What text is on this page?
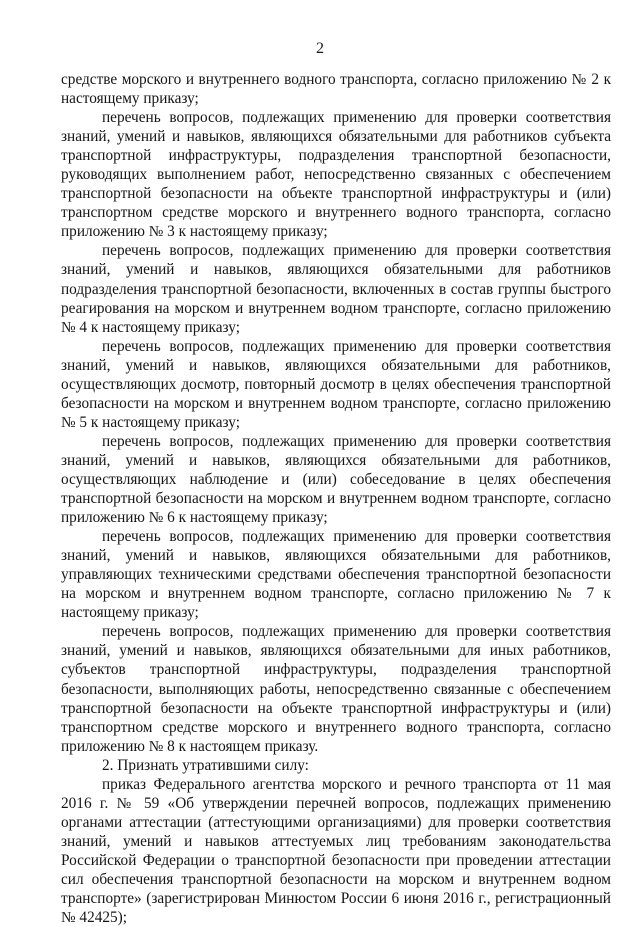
2

средстве морского и внутреннего водного транспорта, согласно приложению № 2 к настоящему приказу;

перечень вопросов, подлежащих применению для проверки соответствия знаний, умений и навыков, являющихся обязательными для работников субъекта транспортной инфраструктуры, подразделения транспортной безопасности, руководящих выполнением работ, непосредственно связанных с обеспечением транспортной безопасности на объекте транспортной инфраструктуры и (или) транспортном средстве морского и внутреннего водного транспорта, согласно приложению № 3 к настоящему приказу;

перечень вопросов, подлежащих применению для проверки соответствия знаний, умений и навыков, являющихся обязательными для работников подразделения транспортной безопасности, включенных в состав группы быстрого реагирования на морском и внутреннем водном транспорте, согласно приложению № 4 к настоящему приказу;

перечень вопросов, подлежащих применению для проверки соответствия знаний, умений и навыков, являющихся обязательными для работников, осуществляющих досмотр, повторный досмотр в целях обеспечения транспортной безопасности на морском и внутреннем водном транспорте, согласно приложению № 5 к настоящему приказу;

перечень вопросов, подлежащих применению для проверки соответствия знаний, умений и навыков, являющихся обязательными для работников, осуществляющих наблюдение и (или) собеседование в целях обеспечения транспортной безопасности на морском и внутреннем водном транспорте, согласно приложению № 6 к настоящему приказу;

перечень вопросов, подлежащих применению для проверки соответствия знаний, умений и навыков, являющихся обязательными для работников, управляющих техническими средствами обеспечения транспортной безопасности на морском и внутреннем водном транспорте, согласно приложению № 7 к настоящему приказу;

перечень вопросов, подлежащих применению для проверки соответствия знаний, умений и навыков, являющихся обязательными для иных работников, субъектов транспортной инфраструктуры, подразделения транспортной безопасности, выполняющих работы, непосредственно связанные с обеспечением транспортной безопасности на объекте транспортной инфраструктуры и (или) транспортном средстве морского и внутреннего водного транспорта, согласно приложению № 8 к настоящем приказу.

2. Признать утратившими силу:

приказ Федерального агентства морского и речного транспорта от 11 мая 2016 г. № 59 «Об утверждении перечней вопросов, подлежащих применению органами аттестации (аттестующими организациями) для проверки соответствия знаний, умений и навыков аттестуемых лиц требованиям законодательства Российской Федерации о транспортной безопасности при проведении аттестации сил обеспечения транспортной безопасности на морском и внутреннем водном транспорте» (зарегистрирован Минюстом России 6 июня 2016 г., регистрационный № 42425);
